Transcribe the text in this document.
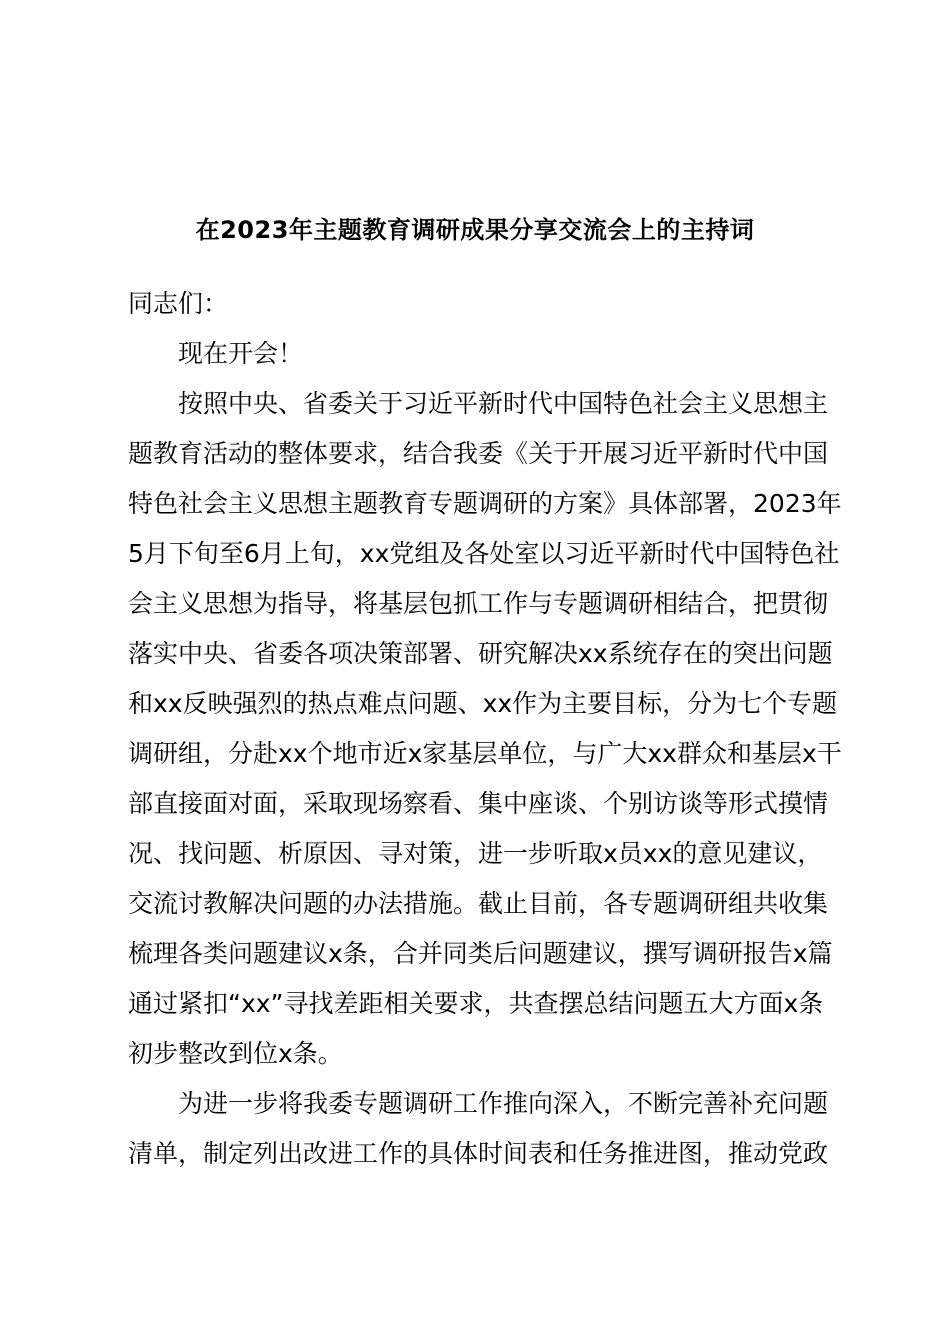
在2023年主题教育调研成果分享交流会上的主持词
同志们：
现在开会！
按照中央、省委关于习近平新时代中国特色社会主义思想主
题教育活动的整体要求，结合我委《关于开展习近平新时代中国
特色社会主义思想主题教育专题调研的方案》具体部署，2023年
5月下旬至6月上旬，xx党组及各处室以习近平新时代中国特色社
会主义思想为指导，将基层包抓工作与专题调研相结合，把贯彻
落实中央、省委各项决策部署、研究解决xx系统存在的突出问题
和xx反映强烈的热点难点问题、xx作为主要目标，分为七个专题
调研组，分赴xx个地市近x家基层单位，与广大xx群众和基层x干
部直接面对面，采取现场察看、集中座谈、个别访谈等形式摸情
况、找问题、析原因、寻对策，进一步听取x员xx的意见建议，
交流讨教解决问题的办法措施。截止目前，各专题调研组共收集
梳理各类问题建议x条，合并同类后问题建议，撰写调研报告x篇
通过紧扣“xx”寻找差距相关要求，共查摆总结问题五大方面x条
初步整改到位x条。
为进一步将我委专题调研工作推向深入，不断完善补充问题
清单，制定列出改进工作的具体时间表和任务推进图，推动党政
